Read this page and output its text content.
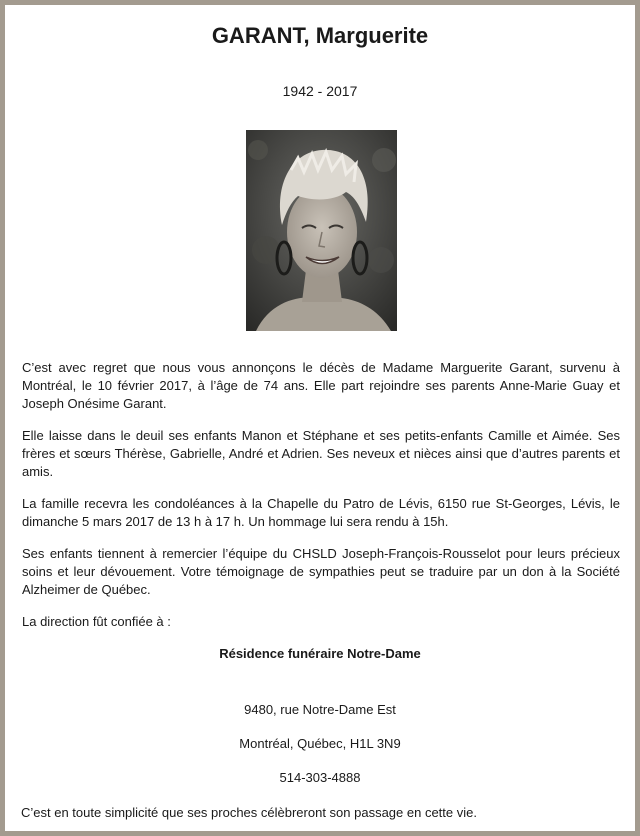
GARANT, Marguerite
1942 - 2017

C’est avec regret que nous vous annonçons le décès de Madame Marguerite Garant, survenu à Montréal, le 10 février 2017, à l’âge de 74 ans. Elle part rejoindre ses parents Anne-Marie Guay et Joseph Onésime Garant.

Elle laisse dans le deuil ses enfants Manon et Stéphane et ses petits-enfants Camille et Aimée. Ses frères et sœurs Thérèse, Gabrielle, André et Adrien. Ses neveux et nièces ainsi que d’autres parents et amis.

La famille recevra les condoléances à la Chapelle du Patro de Lévis, 6150 rue St-Georges, Lévis, le dimanche 5 mars 2017 de 13 h à 17 h. Un hommage lui sera rendu à 15h.

Ses enfants tiennent à remercier l’équipe du CHSLD Joseph-François-Rousselot pour leurs précieux soins et leur dévouement. Votre témoignage de sympathies peut se traduire par un don à la Société Alzheimer de Québec.

La direction fût confiée à :

Résidence funéraire Notre-Dame
9480, rue Notre-Dame Est
Montréal, Québec, H1L 3N9
514-303-4888
C’est en toute simplicité que ses proches célèbreront son passage en cette vie.
